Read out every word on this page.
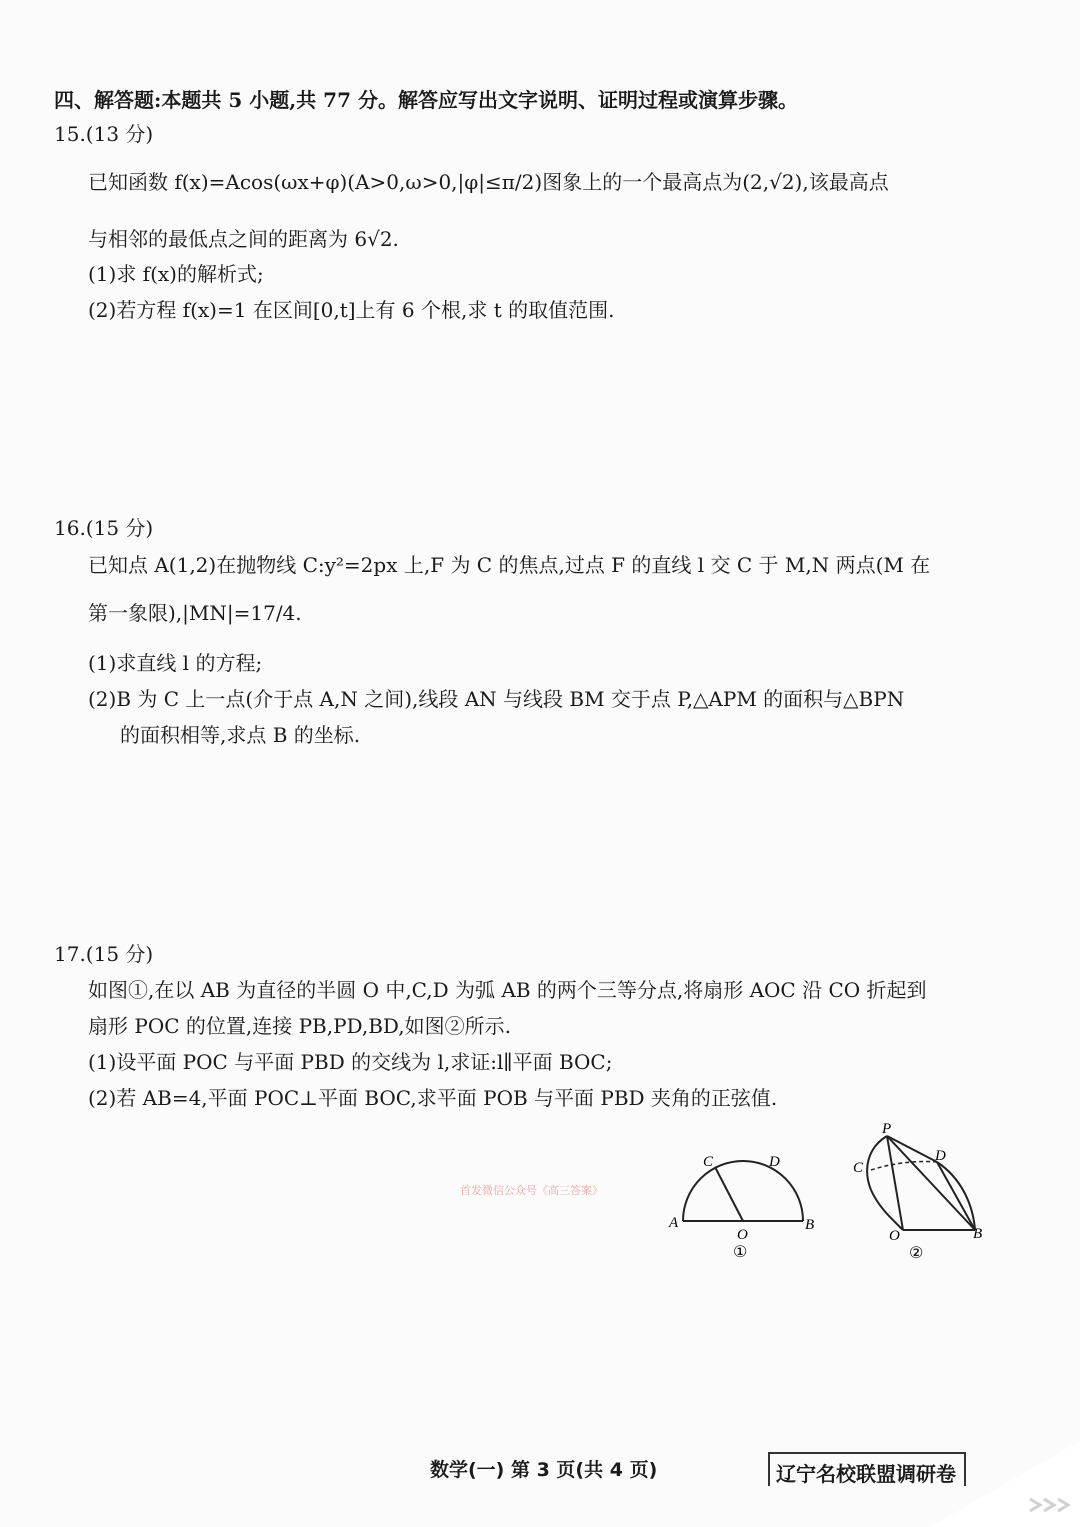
四、解答题:本题共 5 小题,共 77 分。解答应写出文字说明、证明过程或演算步骤。
15.(13 分)
已知函数 f(x)=Acos(ωx+φ)(A>0,ω>0,|φ|≤π/2)图象上的一个最高点为(2,√2),该最高点
与相邻的最低点之间的距离为 6√2.
(1)求 f(x)的解析式;
(2)若方程 f(x)=1 在区间[0,t]上有 6 个根,求 t 的取值范围.
16.(15 分)
已知点 A(1,2)在抛物线 C:y²=2px 上,F 为 C 的焦点,过点 F 的直线 l 交 C 于 M,N 两点(M 在
第一象限),|MN|=17/4.
(1)求直线 l 的方程;
(2)B 为 C 上一点(介于点 A,N 之间),线段 AN 与线段 BM 交于点 P,△APM 的面积与△BPN
的面积相等,求点 B 的坐标.
17.(15 分)
如图①,在以 AB 为直径的半圆 O 中,C,D 为弧 AB 的两个三等分点,将扇形 AOC 沿 CO 折起到
扇形 POC 的位置,连接 PB,PD,BD,如图②所示.
(1)设平面 POC 与平面 PBD 的交线为 l,求证:l∥平面 BOC;
(2)若 AB=4,平面 POC⊥平面 BOC,求平面 POB 与平面 PBD 夹角的正弦值.
C	D
A
O
B
①
P
C
D
O	B
②
首发微信公众号《高三答案》
数学(一) 第 3 页(共 4 页)	辽宁名校联盟调研卷
